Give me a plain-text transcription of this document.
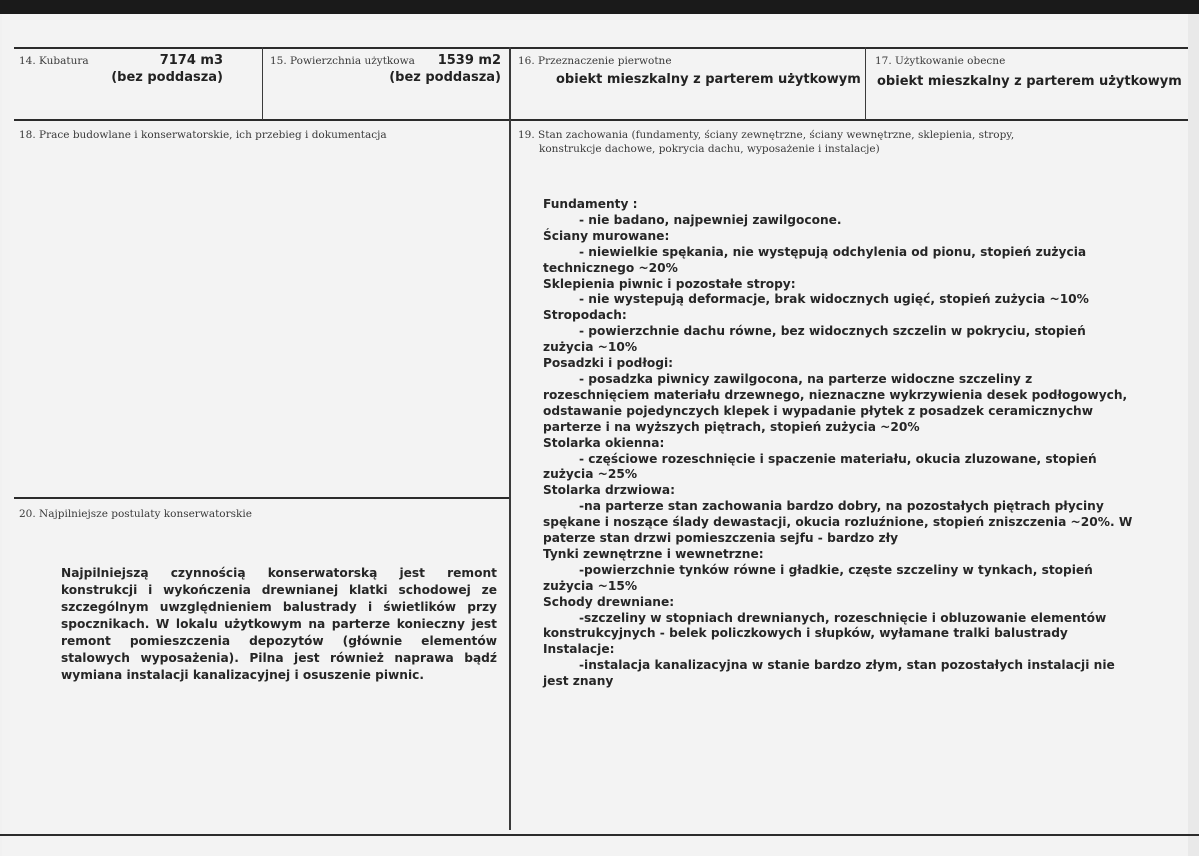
14. Kubatura	7174 m3
(bez poddasza)
15. Powierzchnia użytkowa	1539 m2
(bez poddasza)
16. Przeznaczenie pierwotne
obiekt mieszkalny z parterem użytkowym
17. Użytkowanie obecne
obiekt mieszkalny z parterem użytkowym
18. Prace budowlane i konserwatorskie, ich przebieg i dokumentacja	19. Stan zachowania (fundamenty, ściany zewnętrzne, ściany wewnętrzne, sklepienia, stropy,
konstrukcje dachowe, pokrycia dachu, wyposażenie i instalacje)
Fundamenty :
- nie badano, najpewniej zawilgocone.
Ściany murowane:
- niewielkie spękania, nie występują odchylenia od pionu, stopień zużycia
technicznego ~20%
Sklepienia piwnic i pozostałe stropy:
- nie wystepują deformacje, brak widocznych ugięć, stopień zużycia ~10%
Stropodach:
- powierzchnie dachu równe, bez widocznych szczelin w pokryciu, stopień
zużycia ~10%
Posadzki i podłogi:
- posadzka piwnicy zawilgocona, na parterze widoczne szczeliny z
rozeschnięciem materiału drzewnego, nieznaczne wykrzywienia desek podłogowych,
odstawanie pojedynczych klepek i wypadanie płytek z posadzek ceramicznychw
parterze i na wyższych piętrach, stopień zużycia ~20%
Stolarka okienna:
- częściowe rozeschnięcie i spaczenie materiału, okucia zluzowane, stopień
zużycia ~25%
Stolarka drzwiowa:
-na parterze stan zachowania bardzo dobry, na pozostałych piętrach płyciny
spękane i noszące ślady dewastacji, okucia rozluźnione, stopień zniszczenia ~20%. W
paterze stan drzwi pomieszczenia sejfu - bardzo zły
Tynki zewnętrzne i wewnetrzne:
-powierzchnie tynków równe i gładkie, częste szczeliny w tynkach, stopień
zużycia ~15%
Schody drewniane:
-szczeliny w stopniach drewnianych, rozeschnięcie i obluzowanie elementów
konstrukcyjnych - belek policzkowych i słupków, wyłamane tralki balustrady
Instalacje:
-instalacja kanalizacyjna w stanie bardzo złym, stan pozostałych instalacji nie
jest znany
20. Najpilniejsze postulaty konserwatorskie
Najpilniejszą czynnością konserwatorską jest remont konstrukcji i wykończenia drewnianej klatki schodowej ze szczególnym uwzględnieniem balustrady i świetlików przy spocznikach. W lokalu użytkowym na parterze konieczny jest remont pomieszczenia depozytów (głównie elementów stalowych wyposażenia). Pilna jest również naprawa bądź wymiana instalacji kanalizacyjnej i osuszenie piwnic.
